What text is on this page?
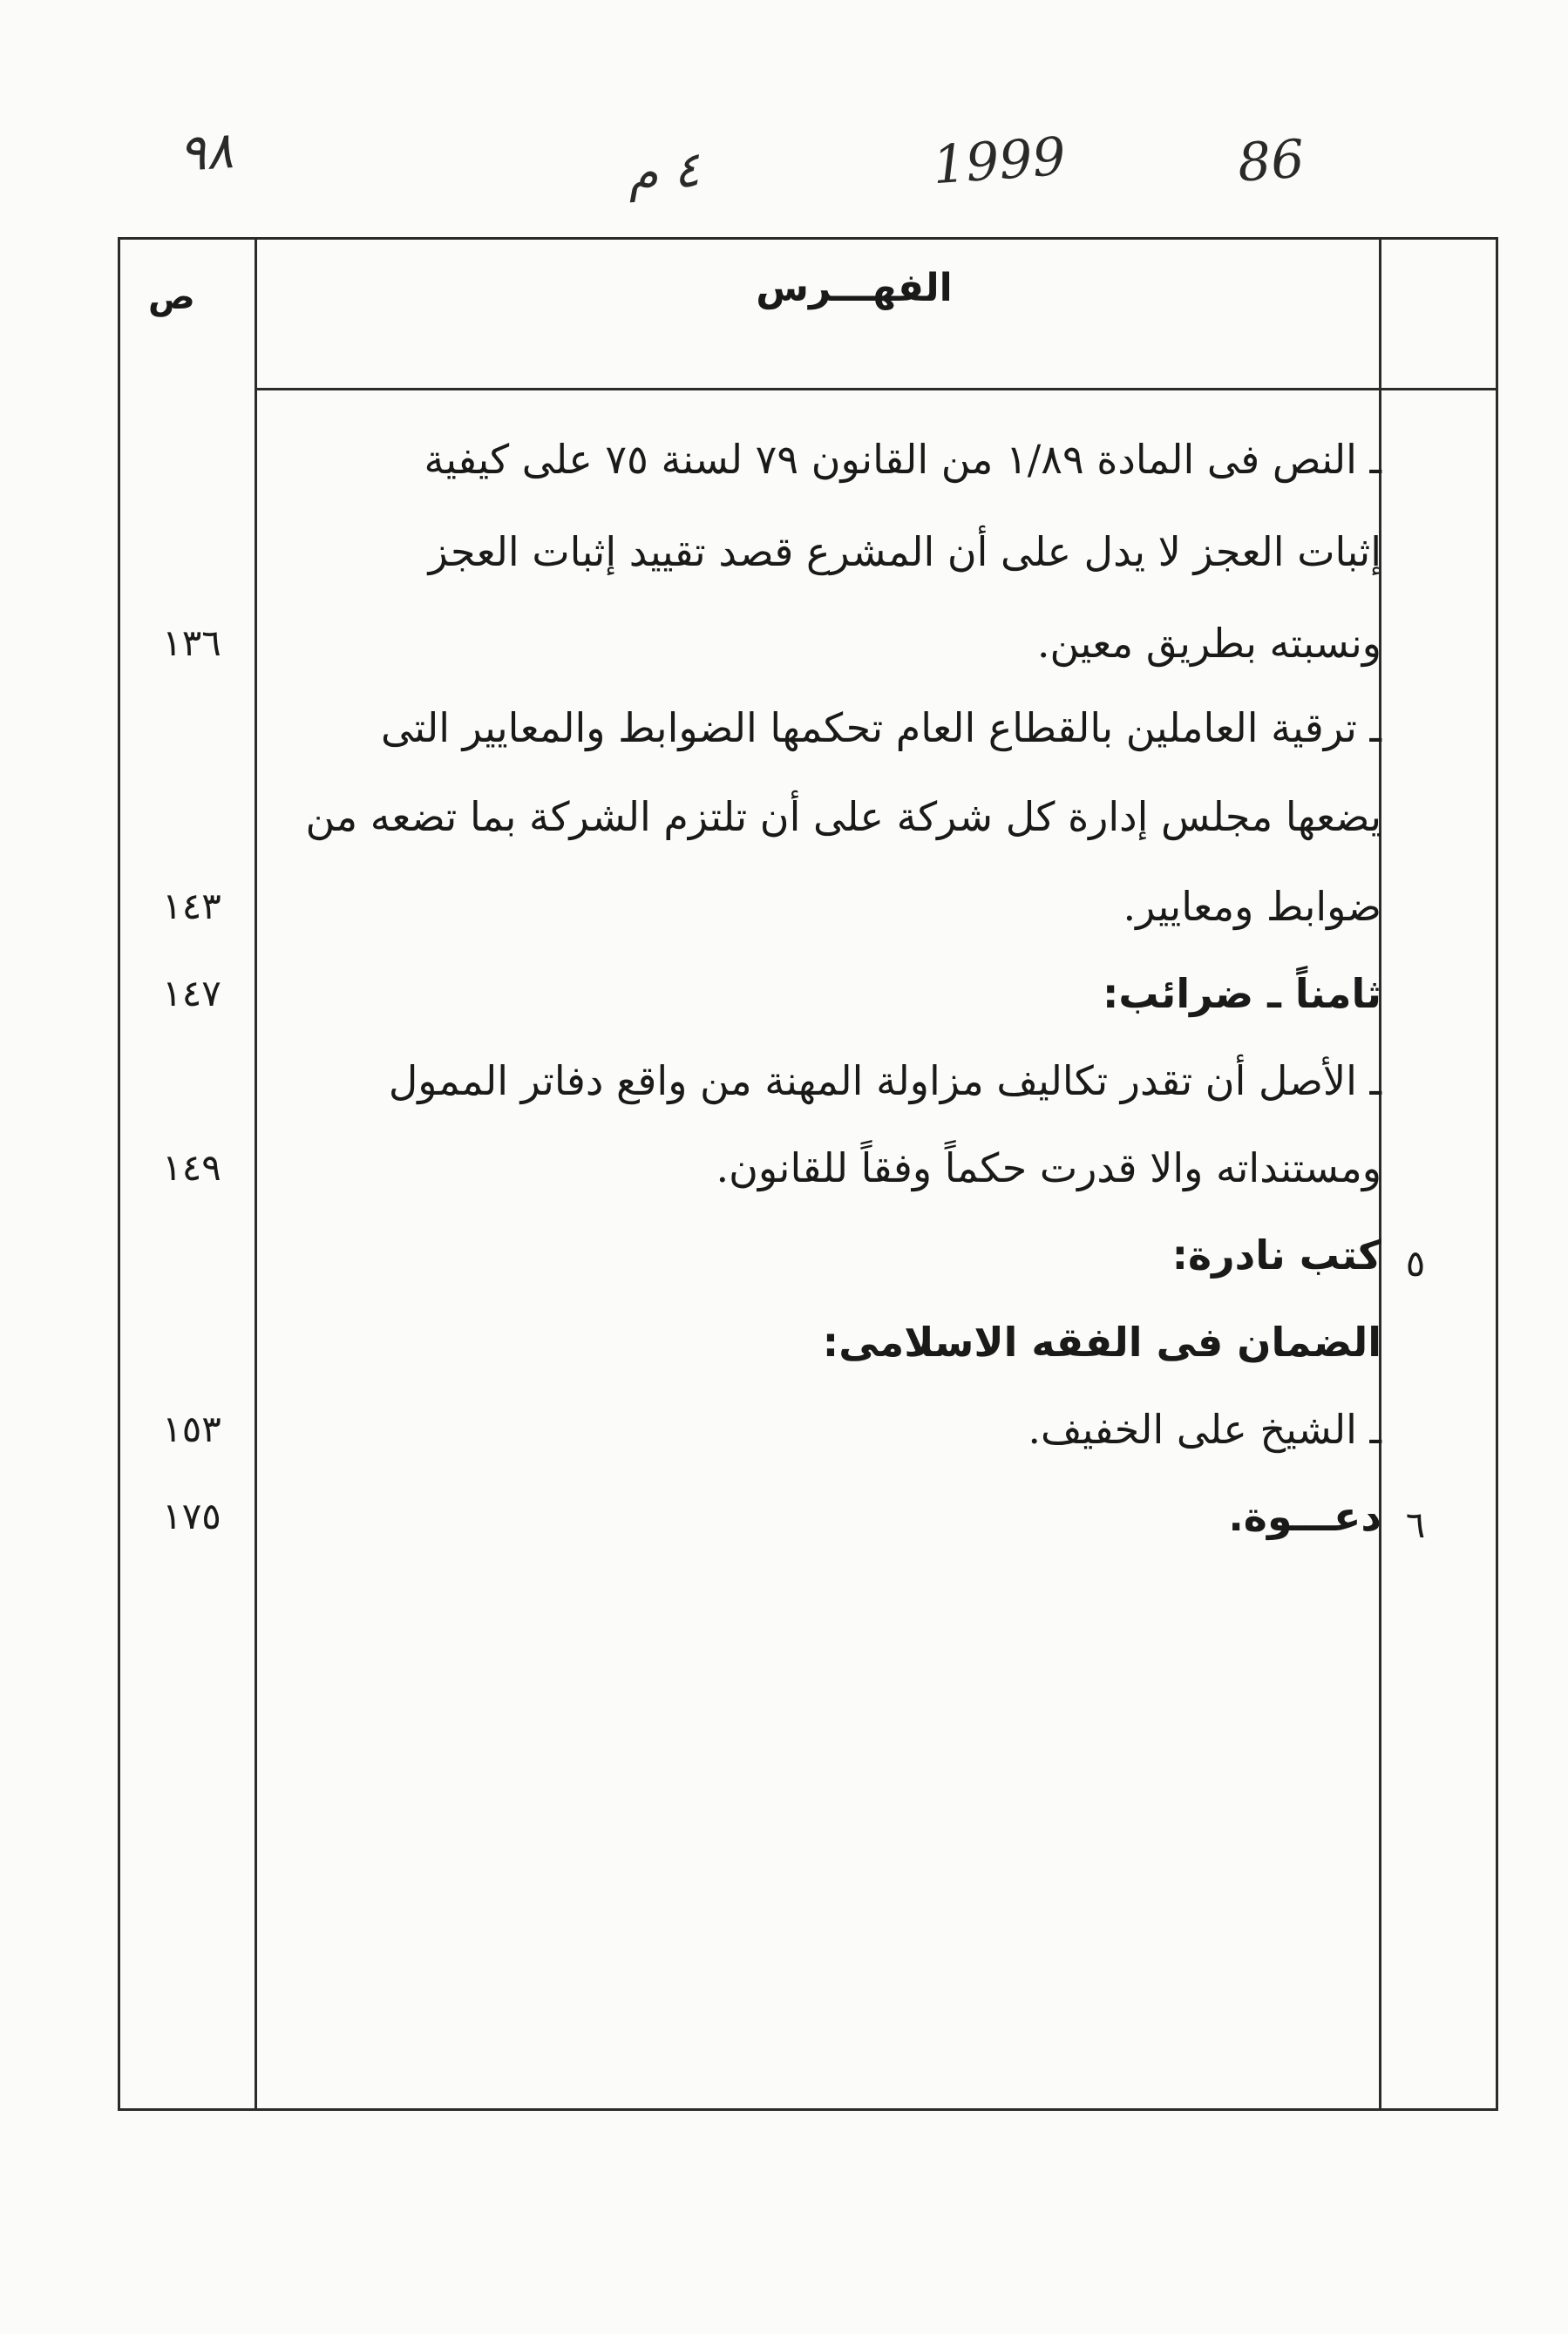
86
1999
٤ م
٩٨
ص	الفهـــرس
ـ النص فى المادة ١/٨٩ من القانون ٧٩ لسنة ٧٥ على كيفية
إثبات العجز لا يدل على أن المشرع قصد تقييد إثبات العجز
ونسبته بطريق معين.
ـ ترقية العاملين بالقطاع العام تحكمها الضوابط والمعايير التى
يضعها مجلس إدارة كل شركة على أن تلتزم الشركة بما تضعه من
ضوابط ومعايير.
ثامناً ـ ضرائب:
ـ الأصل أن تقدر تكاليف مزاولة المهنة من واقع دفاتر الممول
ومستنداته والا قدرت حكماً وفقاً للقانون.
كتب نادرة:
الضمان فى الفقه الاسلامى:
ـ الشيخ على الخفيف.
دعـــوة.
١٣٦
١٤٣
١٤٧
١٤٩
١٥٣
١٧٥
٥
٦
